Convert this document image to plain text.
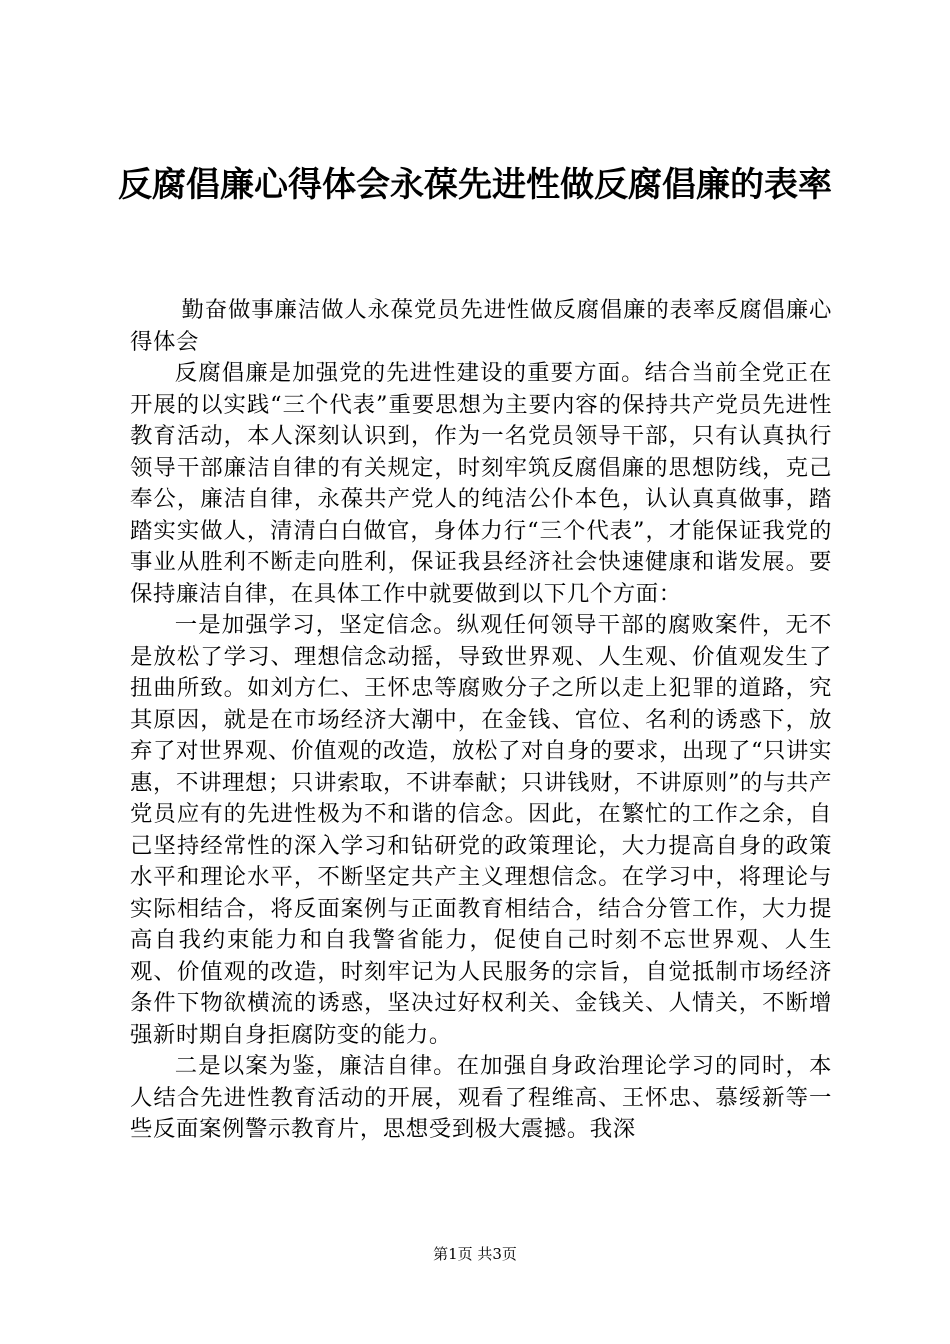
反腐倡廉心得体会永葆先进性做反腐倡廉的表率

勤奋做事廉洁做人永葆党员先进性做反腐倡廉的表率反腐倡廉心得体会

反腐倡廉是加强党的先进性建设的重要方面。结合当前全党正在开展的以实践“三个代表”重要思想为主要内容的保持共产党员先进性教育活动，本人深刻认识到，作为一名党员领导干部，只有认真执行领导干部廉洁自律的有关规定，时刻牢筑反腐倡廉的思想防线，克己奉公，廉洁自律，永葆共产党人的纯洁公仆本色，认认真真做事，踏踏实实做人，清清白白做官，身体力行“三个代表”，才能保证我党的事业从胜利不断走向胜利，保证我县经济社会快速健康和谐发展。要保持廉洁自律，在具体工作中就要做到以下几个方面：

一是加强学习，坚定信念。纵观任何领导干部的腐败案件，无不是放松了学习、理想信念动摇，导致世界观、人生观、价值观发生了扭曲所致。如刘方仁、王怀忠等腐败分子之所以走上犯罪的道路，究其原因，就是在市场经济大潮中，在金钱、官位、名利的诱惑下，放弃了对世界观、价值观的改造，放松了对自身的要求，出现了“只讲实惠，不讲理想；只讲索取，不讲奉献；只讲钱财，不讲原则”的与共产党员应有的先进性极为不和谐的信念。因此，在繁忙的工作之余，自己坚持经常性的深入学习和钻研党的政策理论，大力提高自身的政策水平和理论水平，不断坚定共产主义理想信念。在学习中，将理论与实际相结合，将反面案例与正面教育相结合，结合分管工作，大力提高自我约束能力和自我警省能力，促使自己时刻不忘世界观、人生观、价值观的改造，时刻牢记为人民服务的宗旨，自觉抵制市场经济条件下物欲横流的诱惑，坚决过好权利关、金钱关、人情关，不断增强新时期自身拒腐防变的能力。

二是以案为鉴，廉洁自律。在加强自身政治理论学习的同时，本人结合先进性教育活动的开展，观看了程维高、王怀忠、慕绥新等一些反面案例警示教育片，思想受到极大震撼。我深

第1页 共3页
